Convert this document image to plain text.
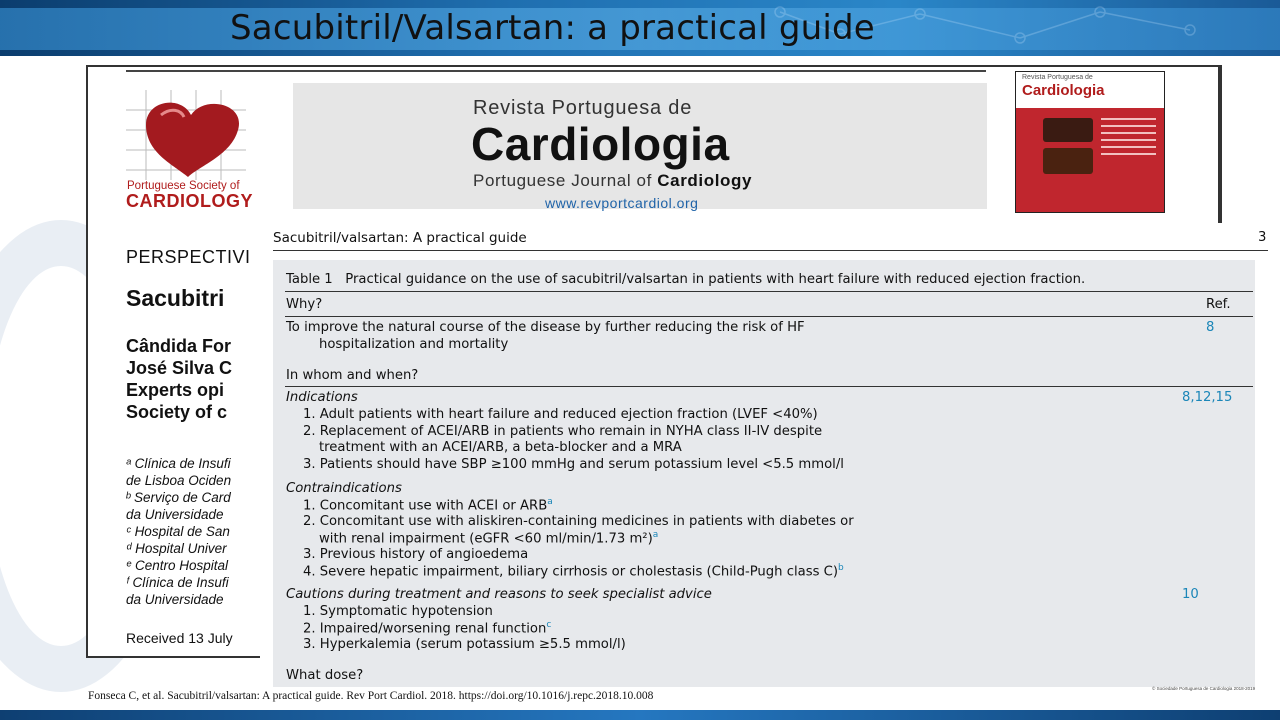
Sacubitril/Valsartan: a practical guide
Portuguese Society of
CARDIOLOGY
Revista Portuguesa de
Cardiologia
Portuguese Journal of Cardiology
www.revportcardiol.org
Revista Portuguesa de
Cardiologia
PERSPECTIVI
Sacubitri
Cândida For
José Silva C
Experts opi
Society of c
ᵃ Clínica de Insufi
de Lisboa Ociden
ᵇ Serviço de Card
da Universidade
ᶜ Hospital de San
ᵈ Hospital Univer
ᵉ Centro Hospital
ᶠ Clínica de Insufi
da Universidade
Received 13 July
Sacubitril/valsartan: A practical guide	3
Table 1 Practical guidance on the use of sacubitril/valsartan in patients with heart failure with reduced ejection fraction.
Why?	Ref.
To improve the natural course of the disease by further reducing the risk of HF
hospitalization and mortality
8
In whom and when?
Indications	8,12,15
1. Adult patients with heart failure and reduced ejection fraction (LVEF <40%)
2. Replacement of ACEI/ARB in patients who remain in NYHA class II-IV despite
treatment with an ACEI/ARB, a beta-blocker and a MRA
3. Patients should have SBP ≥100 mmHg and serum potassium level <5.5 mmol/l
Contraindications
1. Concomitant use with ACEI or ARB$^a$
2. Concomitant use with aliskiren-containing medicines in patients with diabetes or
with renal impairment (eGFR <60 ml/min/1.73 m²)$^a$
3. Previous history of angioedema
4. Severe hepatic impairment, biliary cirrhosis or cholestasis (Child-Pugh class C)$^b$
Cautions during treatment and reasons to seek specialist advice	10
1. Symptomatic hypotension
2. Impaired/worsening renal function$^c$
3. Hyperkalemia (serum potassium ≥5.5 mmol/l)
What dose?
Fonseca C, et al. Sacubitril/valsartan: A practical guide. Rev Port Cardiol. 2018. https://doi.org/10.1016/j.repc.2018.10.008
© Sociedade Portuguesa de Cardiologia 2018-2019
